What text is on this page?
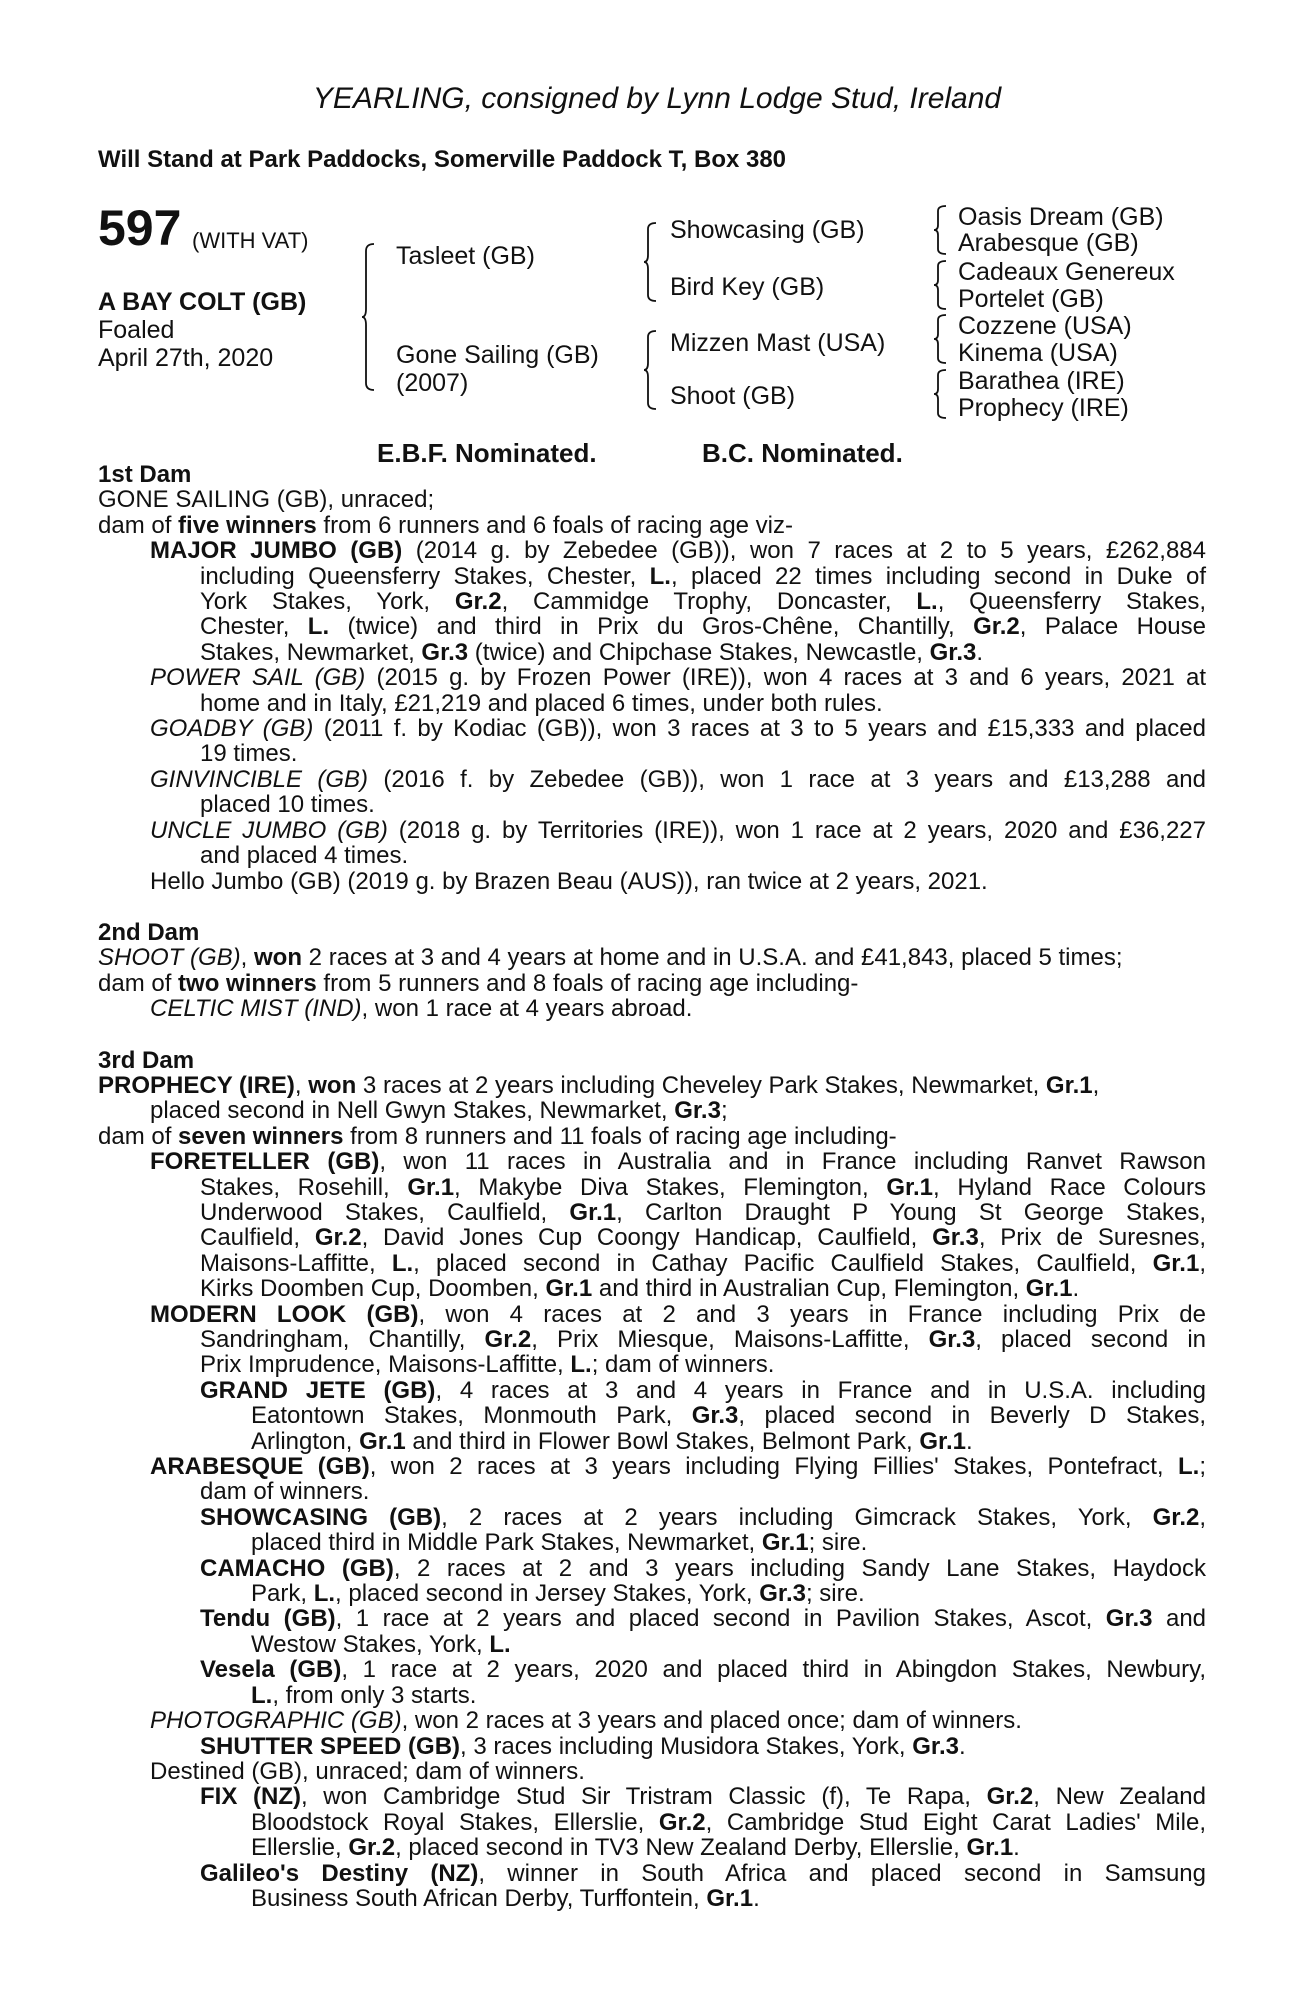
YEARLING, consigned by Lynn Lodge Stud, Ireland
Will Stand at Park Paddocks, Somerville Paddock T, Box 380
597 (WITH VAT)
A BAY COLT (GB)
Foaled
April 27th, 2020
Tasleet (GB)
Gone Sailing (GB)
(2007)
Showcasing (GB)
Bird Key (GB)
Mizzen Mast (USA)
Shoot (GB)
Oasis Dream (GB)
Arabesque (GB)
Cadeaux Genereux
Portelet (GB)
Cozzene (USA)
Kinema (USA)
Barathea (IRE)
Prophecy (IRE)
E.B.F. Nominated.	B.C. Nominated.
1st Dam
GONE SAILING (GB), unraced;
dam of five winners from 6 runners and 6 foals of racing age viz-
MAJOR JUMBO (GB) (2014 g. by Zebedee (GB)), won 7 races at 2 to 5 years, £262,884
including Queensferry Stakes, Chester, L., placed 22 times including second in Duke of
York Stakes, York, Gr.2, Cammidge Trophy, Doncaster, L., Queensferry Stakes,
Chester, L. (twice) and third in Prix du Gros-Chêne, Chantilly, Gr.2, Palace House
Stakes, Newmarket, Gr.3 (twice) and Chipchase Stakes, Newcastle, Gr.3.
POWER SAIL (GB) (2015 g. by Frozen Power (IRE)), won 4 races at 3 and 6 years, 2021 at
home and in Italy, £21,219 and placed 6 times, under both rules.
GOADBY (GB) (2011 f. by Kodiac (GB)), won 3 races at 3 to 5 years and £15,333 and placed
19 times.
GINVINCIBLE (GB) (2016 f. by Zebedee (GB)), won 1 race at 3 years and £13,288 and
placed 10 times.
UNCLE JUMBO (GB) (2018 g. by Territories (IRE)), won 1 race at 2 years, 2020 and £36,227
and placed 4 times.
Hello Jumbo (GB) (2019 g. by Brazen Beau (AUS)), ran twice at 2 years, 2021.
2nd Dam
SHOOT (GB), won 2 races at 3 and 4 years at home and in U.S.A. and £41,843, placed 5 times;
dam of two winners from 5 runners and 8 foals of racing age including-
CELTIC MIST (IND), won 1 race at 4 years abroad.
3rd Dam
PROPHECY (IRE), won 3 races at 2 years including Cheveley Park Stakes, Newmarket, Gr.1,
placed second in Nell Gwyn Stakes, Newmarket, Gr.3;
dam of seven winners from 8 runners and 11 foals of racing age including-
FORETELLER (GB), won 11 races in Australia and in France including Ranvet Rawson
Stakes, Rosehill, Gr.1, Makybe Diva Stakes, Flemington, Gr.1, Hyland Race Colours
Underwood Stakes, Caulfield, Gr.1, Carlton Draught P Young St George Stakes,
Caulfield, Gr.2, David Jones Cup Coongy Handicap, Caulfield, Gr.3, Prix de Suresnes,
Maisons-Laffitte, L., placed second in Cathay Pacific Caulfield Stakes, Caulfield, Gr.1,
Kirks Doomben Cup, Doomben, Gr.1 and third in Australian Cup, Flemington, Gr.1.
MODERN LOOK (GB), won 4 races at 2 and 3 years in France including Prix de
Sandringham, Chantilly, Gr.2, Prix Miesque, Maisons-Laffitte, Gr.3, placed second in
Prix Imprudence, Maisons-Laffitte, L.; dam of winners.
GRAND JETE (GB), 4 races at 3 and 4 years in France and in U.S.A. including
Eatontown Stakes, Monmouth Park, Gr.3, placed second in Beverly D Stakes,
Arlington, Gr.1 and third in Flower Bowl Stakes, Belmont Park, Gr.1.
ARABESQUE (GB), won 2 races at 3 years including Flying Fillies' Stakes, Pontefract, L.;
dam of winners.
SHOWCASING (GB), 2 races at 2 years including Gimcrack Stakes, York, Gr.2,
placed third in Middle Park Stakes, Newmarket, Gr.1; sire.
CAMACHO (GB), 2 races at 2 and 3 years including Sandy Lane Stakes, Haydock
Park, L., placed second in Jersey Stakes, York, Gr.3; sire.
Tendu (GB), 1 race at 2 years and placed second in Pavilion Stakes, Ascot, Gr.3 and
Westow Stakes, York, L.
Vesela (GB), 1 race at 2 years, 2020 and placed third in Abingdon Stakes, Newbury,
L., from only 3 starts.
PHOTOGRAPHIC (GB), won 2 races at 3 years and placed once; dam of winners.
SHUTTER SPEED (GB), 3 races including Musidora Stakes, York, Gr.3.
Destined (GB), unraced; dam of winners.
FIX (NZ), won Cambridge Stud Sir Tristram Classic (f), Te Rapa, Gr.2, New Zealand
Bloodstock Royal Stakes, Ellerslie, Gr.2, Cambridge Stud Eight Carat Ladies' Mile,
Ellerslie, Gr.2, placed second in TV3 New Zealand Derby, Ellerslie, Gr.1.
Galileo's Destiny (NZ), winner in South Africa and placed second in Samsung
Business South African Derby, Turffontein, Gr.1.
